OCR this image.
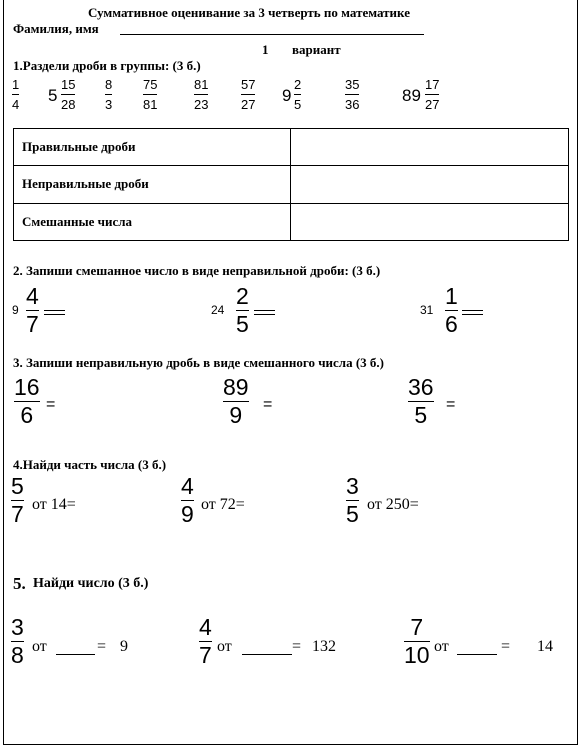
Суммативное оценивание за 3 четверть по математике
Фамилия, имя
1 вариант
1.Раздели дроби в группы: (3 б.)
1
4 5
15
28
8
3
75
81
81
23
57
27 9
2
5
35
36	89
17
27
Правильные дроби	
Неправильные дроби	
Смешанные числа	
2. Запиши смешанное число в виде неправильной дроби: (3 б.)
9
4
7
24
2
5
31
1
6
3. Запиши неправильную дробь в виде смешанного числа (3 б.)
16
6 =
89
9 =
36
5 =
4.Найди часть числа (3 б.)
5
7 от 14=
4
9 от 72=
3
5 от 250=
5. Найди число (3 б.)
3
8 от	= 9
4
7 от	= 132
7
10 от	= 14
